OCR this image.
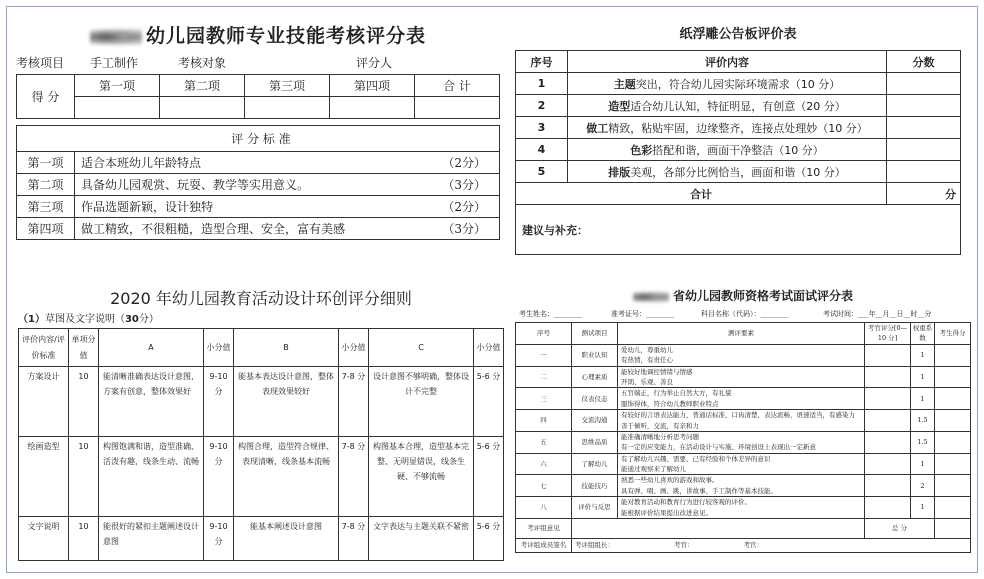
幼儿园教师专业技能考核评分表
考核项目 手工制作	考核对象	评分人
得 分	第一项	第二项	第三项	第四项	合 计

评 分 标 准		
第一项	适合本班幼儿年龄特点	（2分）
第二项	具备幼儿园观赏、玩耍、教学等实用意义。	（3分）
第三项	作品选题新颖，设计独特	（2分）
第四项	做工精致，不很粗糙，造型合理、安全，富有美感	（3分）
纸浮雕公告板评价表
序号	评价内容	分数
1	主题突出，符合幼儿园实际环境需求（10 分）	
2	造型适合幼儿认知，特征明显，有创意（20 分）	
3	做工精致，粘贴牢固，边缘整齐，连接点处理妙（10 分）	
4	色彩搭配和谐，画面干净整洁（10 分）	
5	排版美观，各部分比例恰当，画面和谐（10 分）	
合计		分
建议与补充：		
2020 年幼儿园教育活动设计环创评分细则
（1）草图及文字说明（30分）
评价内容/评价标准	单项分值	A	小分值	B	小分值	C	小分值
方案设计	10	能清晰准确表达设计意图，方案有创意，整体效果好	9-10 分	能基本表达设计意图，整体表现效果较好	7-8 分	设计意图不够明确，整体设计不完整	5-6 分
绘画造型	10	构图饱满和谐，造型准确、活泼有趣，线条生动、流畅	9-10 分	构图合理，造型符合规律、表现清晰，线条基本流畅	7-8 分	构图基本合理，造型基本完整、无明显错误，线条生硬、不够流畅	5-6 分
文字说明	10	能很好的紧扣主题阐述设计意图	9-10 分	能基本阐述设计意图	7-8 分	文字表达与主题关联不紧密	5-6 分
省幼儿园教师资格考试面试评分表
考生姓名：________	准考证号：________	科目名称（代码）：________	考试时间：___年__月__日__时__分
序号	测试项目	测评要素	考官评分[0—10 分]	权重系数	考生得分
一	职业认知	爱幼儿，尊重幼儿
有热情，有责任心		1	
二	心理素质	能较好地调控情绪与情感
开朗、乐观、善良		1	
三	仪表仪态	五官端正，行为举止自然大方，有礼貌
服饰得体，符合幼儿教师职业特点		1	
四	交流沟通	有较好的言语表达能力，普通话标准，口齿清楚，表达流畅，语速适当，有感染力
善于倾听，交流，有亲和力		1.5	
五	思维品质	能准确清晰地分析思考问题
有一定的应变能力，在活动设计与实施、环境创设上表现出一定新意		1.5	
六	了解幼儿	有了解幼儿兴趣、需要、已有经验和个体差异的意识
能通过观察来了解幼儿		1	
七	技能技巧	熟悉一些幼儿喜欢的游戏和故事。
具有弹、唱、画、跳，讲故事、手工制作等基本技能。		2	
八	评价与反思	能对教育活动和教育行为进行较客观的评价。
能根据评价结果提出改进意见。		1	
考评组意见			总 分		
考评组成员签名	考评组组长： 考官： 考官：				
